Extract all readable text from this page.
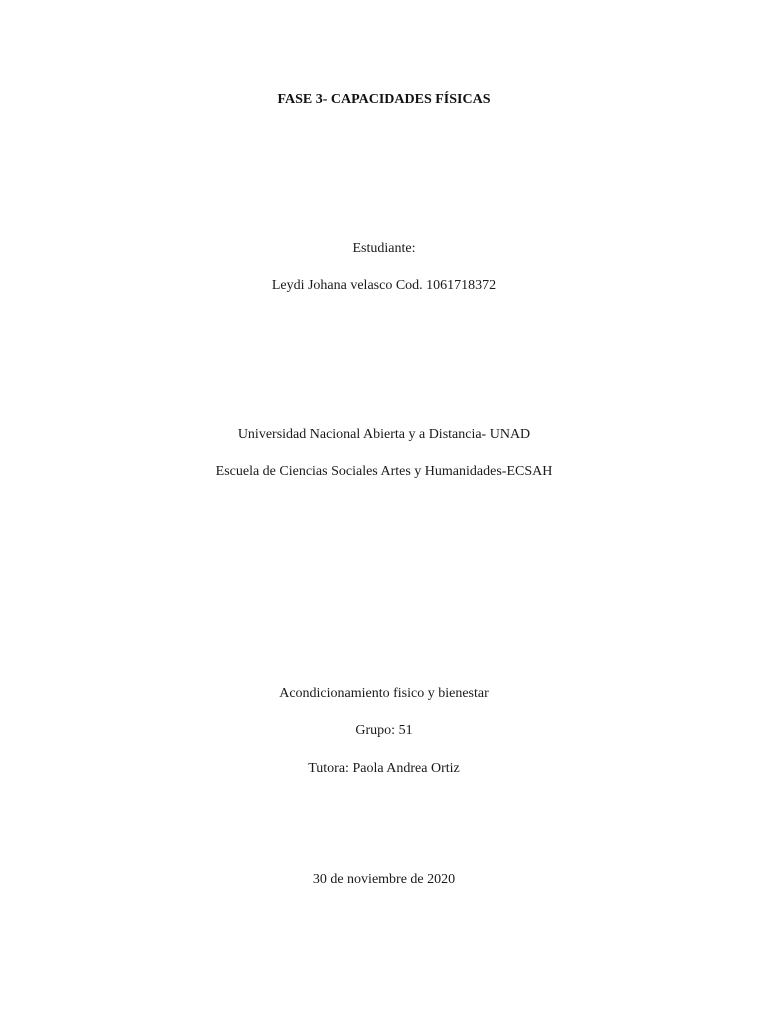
FASE 3- CAPACIDADES FÍSICAS
Estudiante:
Leydi Johana velasco Cod. 1061718372
Universidad Nacional Abierta y a Distancia- UNAD
Escuela de Ciencias Sociales Artes y Humanidades-ECSAH
Acondicionamiento fisico y bienestar
Grupo: 51
Tutora: Paola Andrea Ortiz
30 de noviembre de 2020
